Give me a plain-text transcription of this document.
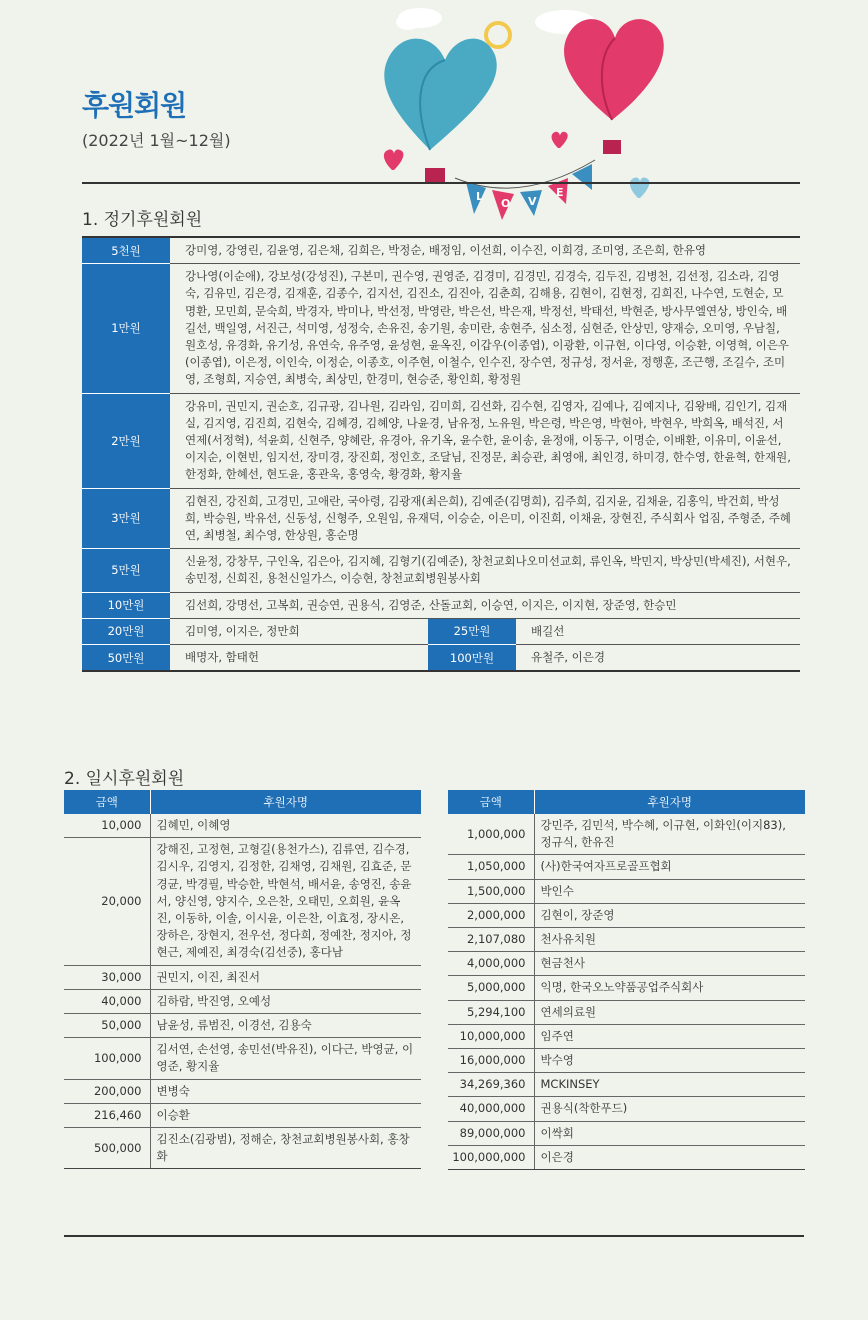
후원회원
(2022년 1월~12월)
L
O V
E
1. 정기후원회원
5천원	강미영, 강영린, 김윤영, 김은채, 김희은, 박정순, 배정임, 이선희, 이수진, 이희경, 조미영, 조은희, 한유영		
1만원	강나영(이순애), 강보성(강성진), 구본미, 권수영, 권영준, 김경미, 김경민, 김경숙, 김두진, 김병천, 김선정, 김소라, 김영숙, 김유민, 김은경, 김재훈, 김종수, 김지선, 김진소, 김진아, 김춘희, 김해용, 김현이, 김현정, 김희진, 나수연, 도현순, 모명환, 모민희, 문숙희, 박경자, 박미나, 박선정, 박영란, 박은선, 박은재, 박정선, 박태선, 박현준, 방사무엘연상, 방인숙, 배길선, 백일영, 서진근, 석미영, 성정숙, 손유진, 송기원, 송미란, 송현주, 심소정, 심현준, 안상민, 양재승, 오미영, 우남칠, 원호성, 유경화, 유기성, 유연숙, 유주영, 윤성현, 윤옥진, 이갑우(이종엽), 이광환, 이규현, 이다영, 이승환, 이영혁, 이은우(이종엽), 이은정, 이인숙, 이정순, 이종호, 이주현, 이철수, 인수진, 장수연, 정규성, 정서윤, 정행훈, 조근행, 조길수, 조미영, 조형희, 지승연, 최병숙, 최상민, 한경미, 현승준, 황인희, 황정원		
2만원	강유미, 권민지, 권순호, 김규광, 김나원, 김라임, 김미희, 김선화, 김수현, 김영자, 김예나, 김예지나, 김왕배, 김인기, 김재실, 김지영, 김진희, 김현숙, 김혜경, 김혜양, 나윤경, 남유정, 노유원, 박은령, 박은영, 박현아, 박현우, 박희옥, 배석진, 서연제(서정혁), 석윤희, 신현주, 양혜란, 유경아, 유기옥, 윤수한, 윤이송, 윤정애, 이동구, 이명순, 이배환, 이유미, 이윤선, 이지순, 이현빈, 임지선, 장미경, 장진희, 정인호, 조달님, 진정문, 최승관, 최영애, 최인경, 하미경, 한수영, 한윤혁, 한재원, 한정화, 한혜선, 현도윤, 홍관욱, 홍영숙, 황경화, 황지율		
3만원	김현진, 강진희, 고경민, 고애란, 국아령, 김광재(최은희), 김예준(김명희), 김주희, 김지윤, 김채윤, 김홍익, 박건희, 박성희, 박승원, 박유선, 신동성, 신형주, 오원임, 유재덕, 이승순, 이은미, 이진희, 이채윤, 장현진, 주식회사 업짐, 주형준, 주혜연, 최병철, 최수영, 한상원, 홍순명		
5만원	신윤정, 강창무, 구인옥, 김은아, 김지혜, 김형기(김예준), 창천교회나오미선교회, 류인옥, 박민지, 박상민(박세진), 서현우, 송민정, 신희진, 용천신일가스, 이승현, 창천교회병원봉사회		
10만원	김선희, 강명선, 고복희, 권승연, 권용식, 김영준, 산돌교회, 이승연, 이지은, 이지현, 장준영, 한승민		
20만원	김미영, 이지은, 정만희	25만원	배길선
50만원	배명자, 함태헌	100만원	유철주, 이은경
2. 일시후원회원
금액	후원자명
10,000	김혜민, 이혜영
20,000	강해진, 고정현, 고형길(용천가스), 김류연, 김수경, 김시우, 김영지, 김정한, 김채영, 김채원, 김효준, 문경균, 박경필, 박승한, 박현석, 배서윤, 송영진, 송윤서, 양신영, 양지수, 오은찬, 오태민, 오희원, 윤옥진, 이동하, 이솔, 이시윤, 이은찬, 이효정, 장시온, 장하은, 장현지, 전우선, 정다희, 정예찬, 정지아, 정현근, 제예진, 최경숙(김선중), 홍다남
30,000	권민지, 이진, 최진서
40,000	김하람, 박진영, 오예성
50,000	남윤성, 류범진, 이경선, 김용숙
100,000	김서연, 손선영, 송민선(박유진), 이다근, 박영균, 이영준, 황지율
200,000	변병숙
216,460	이승환
500,000	김진소(김광범), 정해순, 창천교회병원봉사회, 홍창화
금액	후원자명
1,000,000	강민주, 김민석, 박수혜, 이규현, 이화인(이지83), 정규식, 한유진
1,050,000	(사)한국여자프로골프협회
1,500,000	박인수
2,000,000	김현이, 장준영
2,107,080	천사유치원
4,000,000	현금천사
5,000,000	익명, 한국오노약품공업주식회사
5,294,100	연세의료원
10,000,000	임주연
16,000,000	박수영
34,269,360	MCKINSEY
40,000,000	권용식(착한푸드)
89,000,000	이싹회
100,000,000	이은경
